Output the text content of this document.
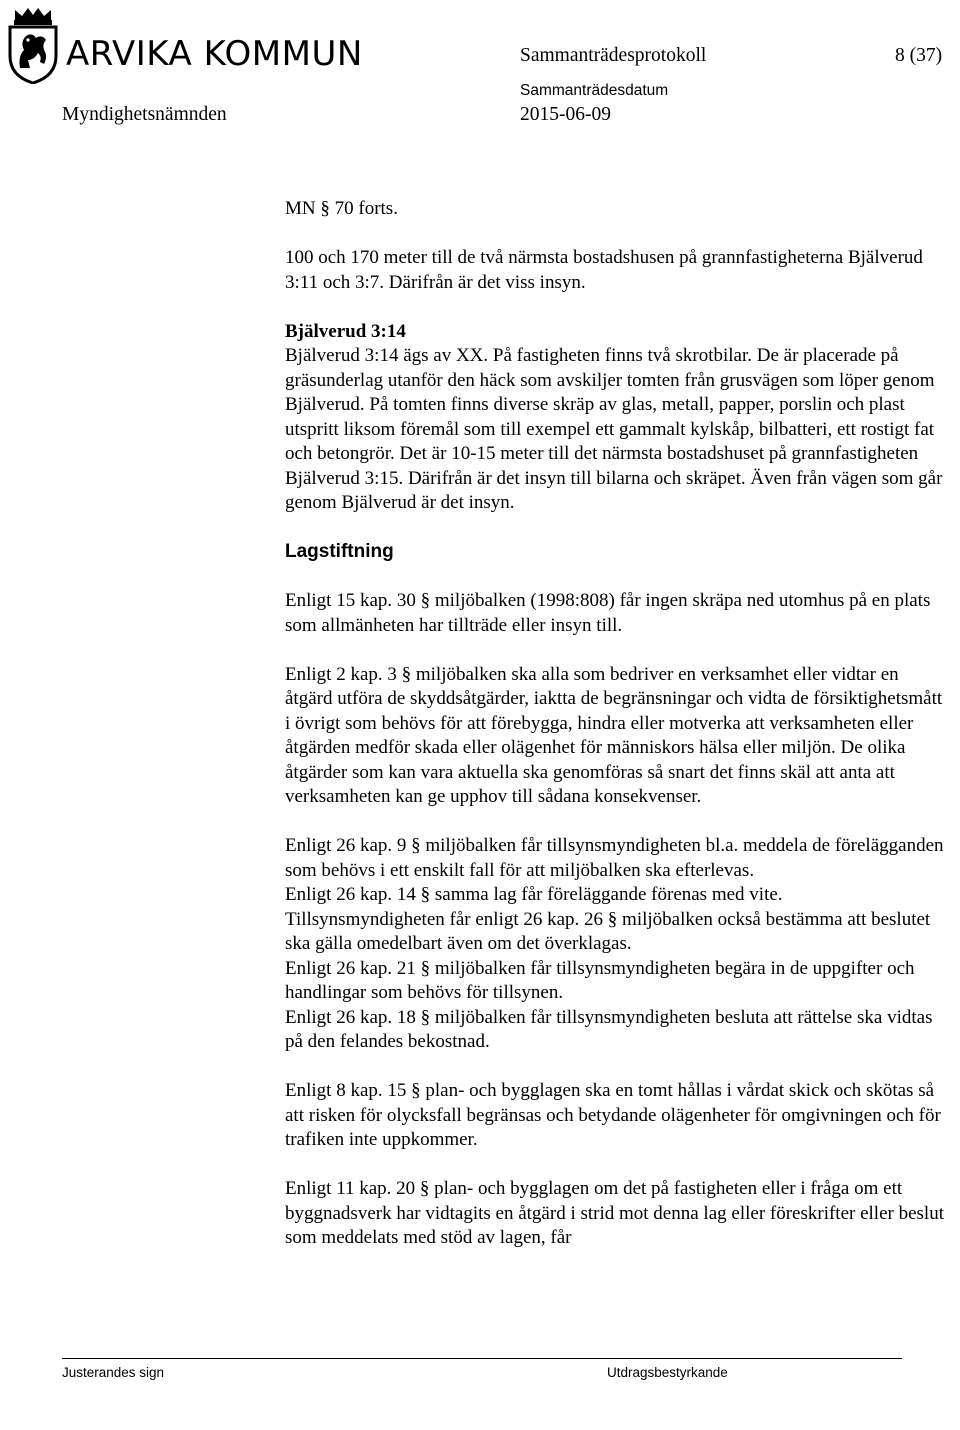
ARVIKA KOMMUN	Sammanträdesprotokoll	8 (37)
Sammanträdesdatum
Myndighetsnämnden	2015-06-09

MN § 70 forts.

100 och 170 meter till de två närmsta bostadshusen på grannfastigheterna Bjälverud 3:11 och 3:7. Därifrån är det viss insyn.

Bjälverud 3:14

Bjälverud 3:14 ägs av XX. På fastigheten finns två skrotbilar. De är placerade på gräsunderlag utanför den häck som avskiljer tomten från grusvägen som löper genom Bjälverud. På tomten finns diverse skräp av glas, metall, papper, porslin och plast utspritt liksom föremål som till exempel ett gammalt kylskåp, bilbatteri, ett rostigt fat och betongrör. Det är 10-15 meter till det närmsta bostadshuset på grannfastigheten Bjälverud 3:15. Därifrån är det insyn till bilarna och skräpet. Även från vägen som går genom Bjälverud är det insyn.

Lagstiftning

Enligt 15 kap. 30 § miljöbalken (1998:808) får ingen skräpa ned utomhus på en plats som allmänheten har tillträde eller insyn till.

Enligt 2 kap. 3 § miljöbalken ska alla som bedriver en verksamhet eller vidtar en åtgärd utföra de skyddsåtgärder, iaktta de begränsningar och vidta de försiktighetsmått i övrigt som behövs för att förebygga, hindra eller motverka att verksamheten eller åtgärden medför skada eller olägenhet för människors hälsa eller miljön. De olika åtgärder som kan vara aktuella ska genomföras så snart det finns skäl att anta att verksamheten kan ge upphov till sådana konsekvenser.

Enligt 26 kap. 9 § miljöbalken får tillsynsmyndigheten bl.a. meddela de förelägganden som behövs i ett enskilt fall för att miljöbalken ska efterlevas.

Enligt 26 kap. 14 § samma lag får föreläggande förenas med vite.

Tillsynsmyndigheten får enligt 26 kap. 26 § miljöbalken också bestämma att beslutet ska gälla omedelbart även om det överklagas.

Enligt 26 kap. 21 § miljöbalken får tillsynsmyndigheten begära in de uppgifter och handlingar som behövs för tillsynen.

Enligt 26 kap. 18 § miljöbalken får tillsynsmyndigheten besluta att rättelse ska vidtas på den felandes bekostnad.

Enligt 8 kap. 15 § plan- och bygglagen ska en tomt hållas i vårdat skick och skötas så att risken för olycksfall begränsas och betydande olägenheter för omgivningen och för trafiken inte uppkommer.

Enligt 11 kap. 20 § plan- och bygglagen om det på fastigheten eller i fråga om ett byggnadsverk har vidtagits en åtgärd i strid mot denna lag eller föreskrifter eller beslut som meddelats med stöd av lagen, får

Justerandes sign	Utdragsbestyrkande
